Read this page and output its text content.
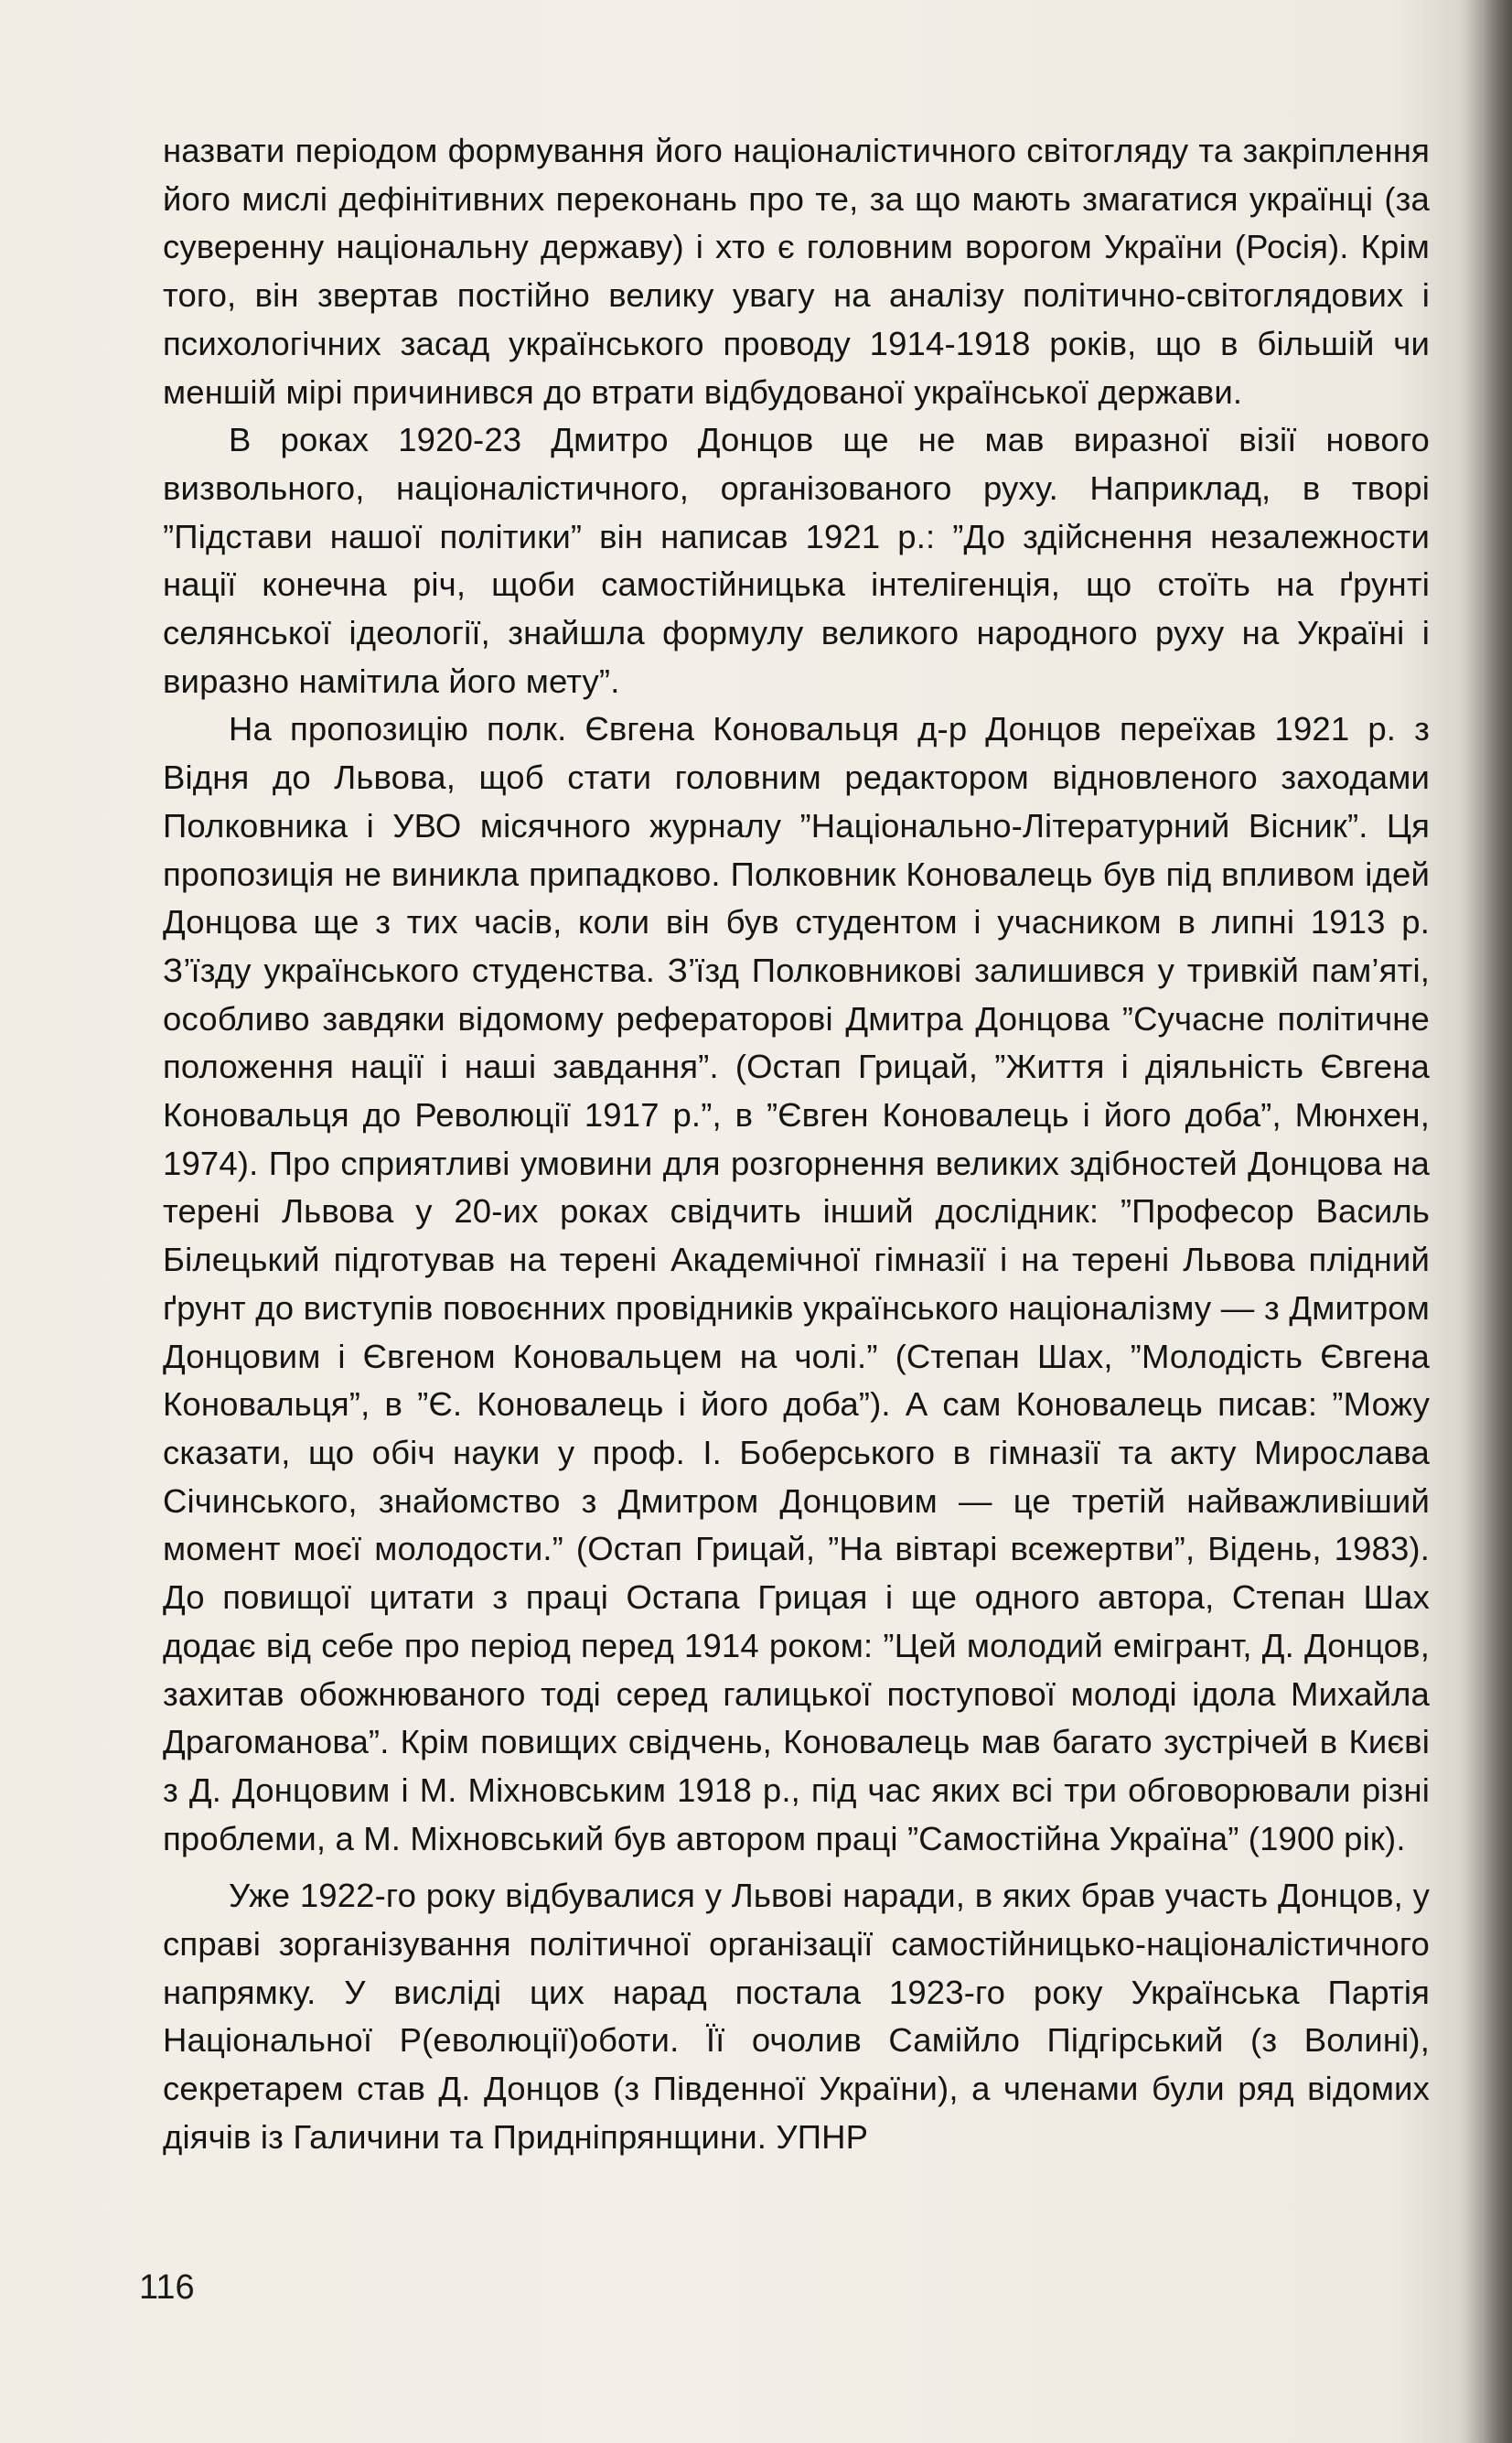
назвати періодом формування його націоналістичного світогляду та закріплення його мислі дефінітивних переконань про те, за що мають змагатися українці (за суверенну національну державу) і хто є головним ворогом України (Росія). Крім того, він звертав постійно велику увагу на аналізу політично-світоглядових і психологічних засад українського проводу 1914-1918 років, що в більшій чи меншій мірі причинився до втрати відбудованої української держави.

В роках 1920-23 Дмитро Донцов ще не мав виразної візії нового визвольного, націоналістичного, організованого руху. Наприклад, в творі ”Підстави нашої політики” він написав 1921 р.: ”До здійснення незалежности нації конечна річ, щоби самостійницька інтелігенція, що стоїть на ґрунті селянської ідеології, знайшла формулу великого народного руху на Україні і виразно намітила його мету”.

На пропозицію полк. Євгена Коновальця д-р Донцов переїхав 1921 р. з Відня до Львова, щоб стати головним редактором відновленого заходами Полковника і УВО місячного журналу ”Національно-Літературний Вісник”. Ця пропозиція не виникла припадково. Полковник Коновалець був під впливом ідей Донцова ще з тих часів, коли він був студентом і учасником в липні 1913 р. З’їзду українського студенства. З’їзд Полковникові залишився у тривкій пам’яті, особливо завдяки відомому рефераторові Дмитра Донцова ”Сучасне політичне положення нації і наші завдання”. (Остап Грицай, ”Життя і діяльність Євгена Коновальця до Революції 1917 р.”, в ”Євген Коновалець і його доба”, Мюнхен, 1974). Про сприятливі умовини для розгорнення великих здібностей Донцова на терені Львова у 20-их роках свідчить інший дослідник: ”Професор Василь Білецький підготував на терені Академічної гімназії і на терені Львова плідний ґрунт до виступів повоєнних провідників українського націоналізму — з Дмитром Донцовим і Євгеном Коновальцем на чолі.” (Степан Шах, ”Молодість Євгена Коновальця”, в ”Є. Коновалець і його доба”). А сам Коновалець писав: ”Можу сказати, що обіч науки у проф. І. Боберського в гімназії та акту Мирослава Січинського, знайомство з Дмитром Донцовим — це третій найважливіший момент моєї молодости.” (Остап Грицай, ”На вівтарі всежертви”, Відень, 1983). До повищої цитати з праці Остапа Грицая і ще одного автора, Степан Шах додає від себе про період перед 1914 роком: ”Цей молодий емігрант, Д. Донцов, захитав обожнюваного тоді серед галицької поступової молоді ідола Михайла Драгоманова”. Крім повищих свідчень, Коновалець мав багато зустрічей в Києві з Д. Донцовим і М. Міхновським 1918 р., під час яких всі три обговорювали різні проблеми, а М. Міхновський був автором праці ”Самостійна Україна” (1900 рік).

Уже 1922-го року відбувалися у Львові наради, в яких брав участь Донцов, у справі зорганізування політичної організації самостійницько-націоналістичного напрямку. У висліді цих нарад постала 1923-го року Українська Партія Національної Р(еволюції)оботи. Її очолив Самійло Підгірський (з Волині), секретарем став Д. Донцов (з Південної України), а членами були ряд відомих діячів із Галичини та Придніпрянщини. УПНР

116
